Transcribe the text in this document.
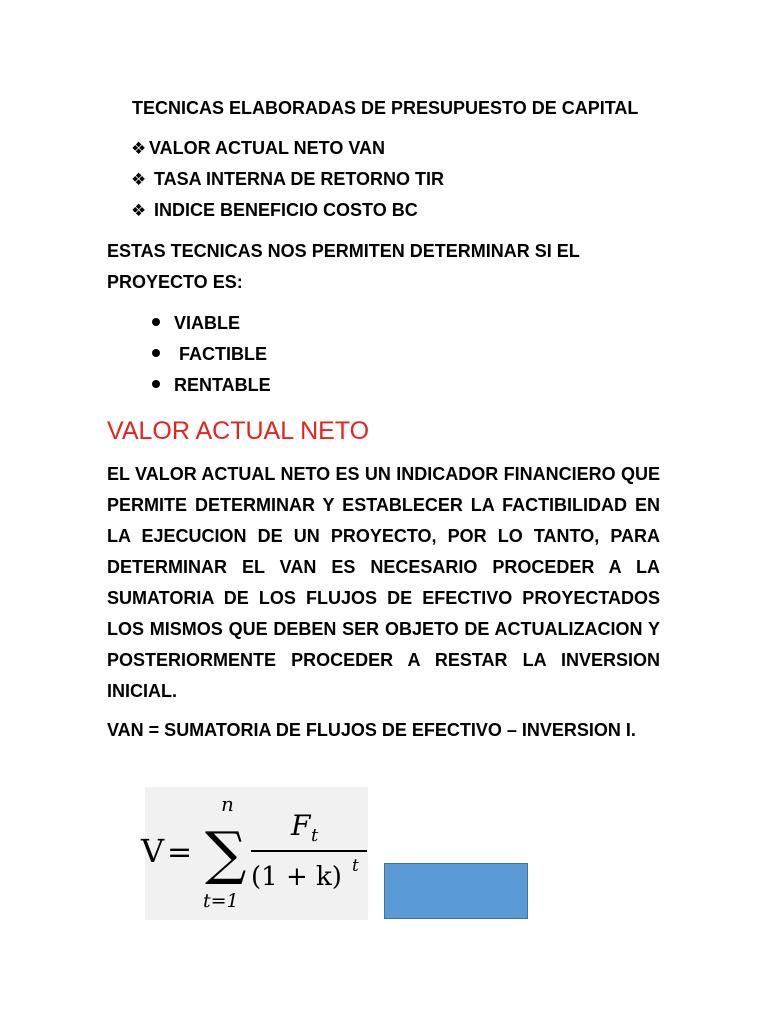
TECNICAS ELABORADAS DE PRESUPUESTO DE CAPITAL
❖ VALOR ACTUAL NETO VAN
❖ TASA INTERNA DE RETORNO TIR
❖ INDICE BENEFICIO COSTO BC
ESTAS TECNICAS NOS PERMITEN DETERMINAR SI EL PROYECTO ES:
VIABLE
FACTIBLE
RENTABLE
VALOR ACTUAL NETO
EL VALOR ACTUAL NETO ES UN INDICADOR FINANCIERO QUE PERMITE DETERMINAR Y ESTABLECER LA FACTIBILIDAD EN LA EJECUCION DE UN PROYECTO, POR LO TANTO, PARA DETERMINAR EL VAN ES NECESARIO PROCEDER A LA SUMATORIA DE LOS FLUJOS DE EFECTIVO PROYECTADOS LOS MISMOS QUE DEBEN SER OBJETO DE ACTUALIZACION Y POSTERIORMENTE PROCEDER A RESTAR LA INVERSION INICIAL.
VAN = SUMATORIA DE FLUJOS DE EFECTIVO – INVERSION I.
V = ∑
n
t=1
F t
(1 + k) t
